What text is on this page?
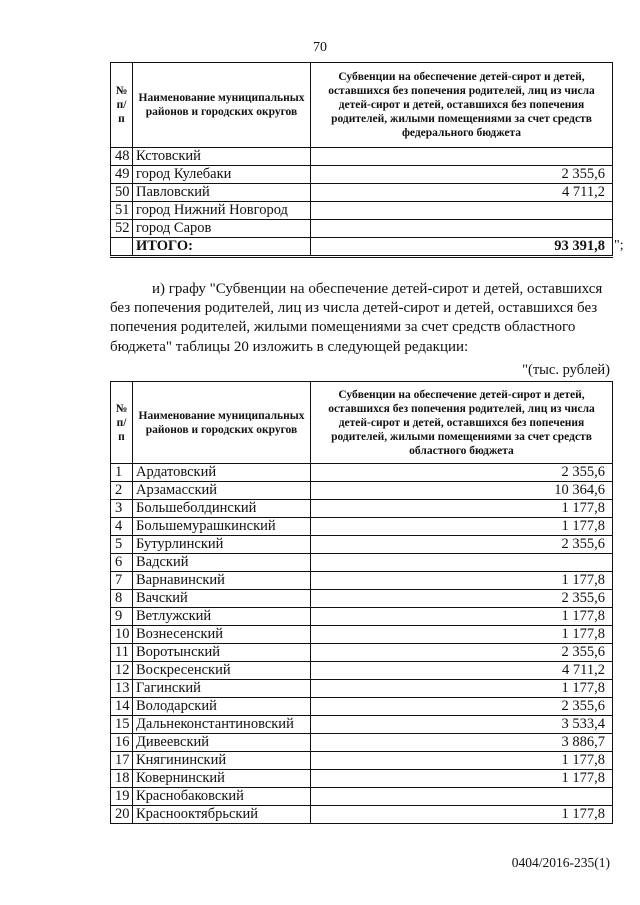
70
№ п/п	Наименование муниципальных районов и городских округов	Субвенции на обеспечение детей-сирот и детей, оставшихся без попечения родителей, лиц из числа детей-сирот и детей, оставшихся без попечения родителей, жилыми помещениями за счет средств федерального бюджета
48	Кстовский	
49	город Кулебаки	2 355,6
50	Павловский	4 711,2
51	город Нижний Новгород	
52	город Саров	
	ИТОГО:	93 391,8 ";
и) графу "Субвенции на обеспечение детей-сирот и детей, оставшихся
без попечения родителей, лиц из числа детей-сирот и детей, оставшихся без
попечения родителей, жилыми помещениями за счет средств областного
бюджета" таблицы 20 изложить в следующей редакции:
"(тыс. рублей)
№ п/п	Наименование муниципальных районов и городских округов	Субвенции на обеспечение детей-сирот и детей, оставшихся без попечения родителей, лиц из числа детей-сирот и детей, оставшихся без попечения родителей, жилыми помещениями за счет средств областного бюджета
1	Ардатовский	2 355,6
2	Арзамасский	10 364,6
3	Большеболдинский	1 177,8
4	Большемурашкинский	1 177,8
5	Бутурлинский	2 355,6
6	Вадский	
7	Варнавинский	1 177,8
8	Вачский	2 355,6
9	Ветлужский	1 177,8
10	Вознесенский	1 177,8
11	Воротынский	2 355,6
12	Воскресенский	4 711,2
13	Гагинский	1 177,8
14	Володарский	2 355,6
15	Дальнеконстантиновский	3 533,4
16	Дивеевский	3 886,7
17	Княгининский	1 177,8
18	Ковернинский	1 177,8
19	Краснобаковский	
20	Краснооктябрьский	1 177,8
0404/2016-235(1)
